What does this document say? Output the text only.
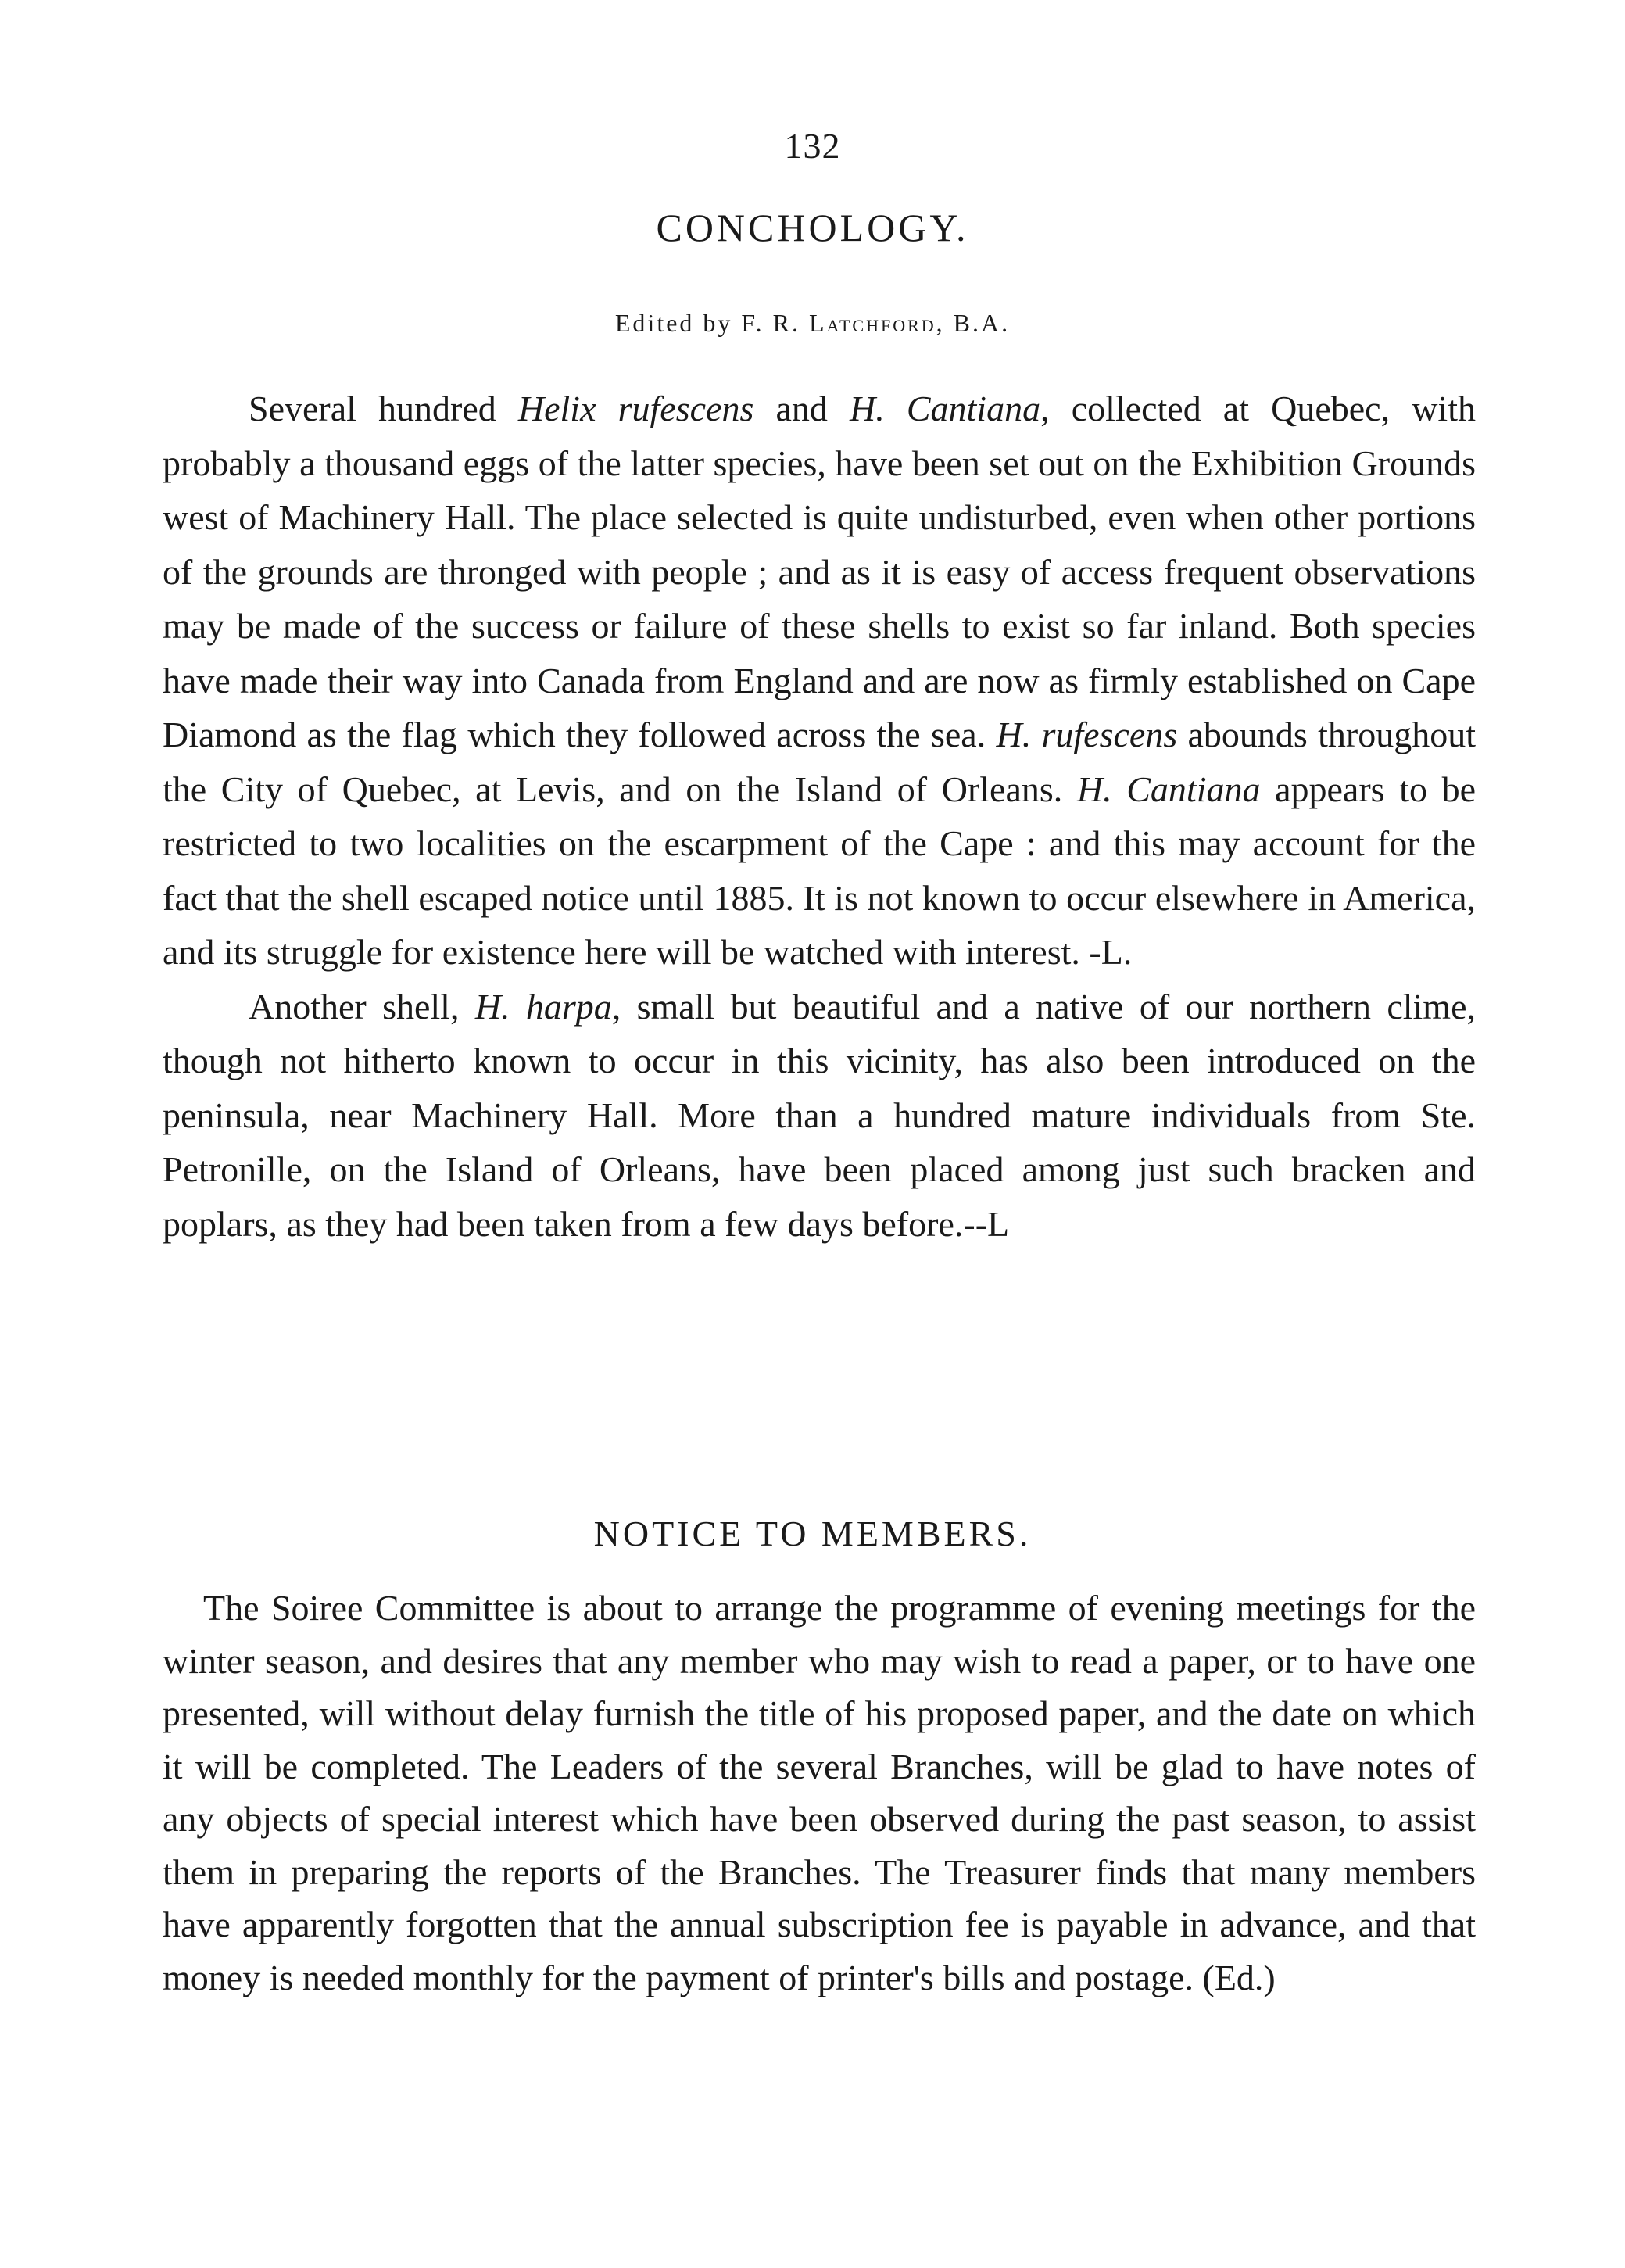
132
CONCHOLOGY.
Edited by F. R. Latchford, B.A.

Several hundred Helix rufescens and H. Cantiana, collected at Quebec, with probably a thousand eggs of the latter species, have been set out on the Exhibition Grounds west of Machinery Hall. The place selected is quite undisturbed, even when other portions of the grounds are thronged with people ; and as it is easy of access frequent observations may be made of the success or failure of these shells to exist so far inland. Both species have made their way into Canada from England and are now as firmly established on Cape Diamond as the flag which they followed across the sea. H. rufescens abounds throughout the City of Quebec, at Levis, and on the Island of Orleans. H. Cantiana appears to be restricted to two localities on the escarpment of the Cape : and this may account for the fact that the shell escaped notice until 1885. It is not known to occur elsewhere in America, and its struggle for existence here will be watched with interest. -L.

Another shell, H. harpa, small but beautiful and a native of our northern clime, though not hitherto known to occur in this vicinity, has also been introduced on the peninsula, near Machinery Hall. More than a hundred mature individuals from Ste. Petronille, on the Island of Orleans, have been placed among just such bracken and poplars, as they had been taken from a few days before.--L

NOTICE TO MEMBERS.

The Soiree Committee is about to arrange the programme of evening meetings for the winter season, and desires that any member who may wish to read a paper, or to have one presented, will without delay furnish the title of his proposed paper, and the date on which it will be completed. The Leaders of the several Branches, will be glad to have notes of any objects of special interest which have been observed during the past season, to assist them in preparing the reports of the Branches. The Treasurer finds that many members have apparently forgotten that the annual subscription fee is payable in advance, and that money is needed monthly for the payment of printer's bills and postage. (Ed.)
